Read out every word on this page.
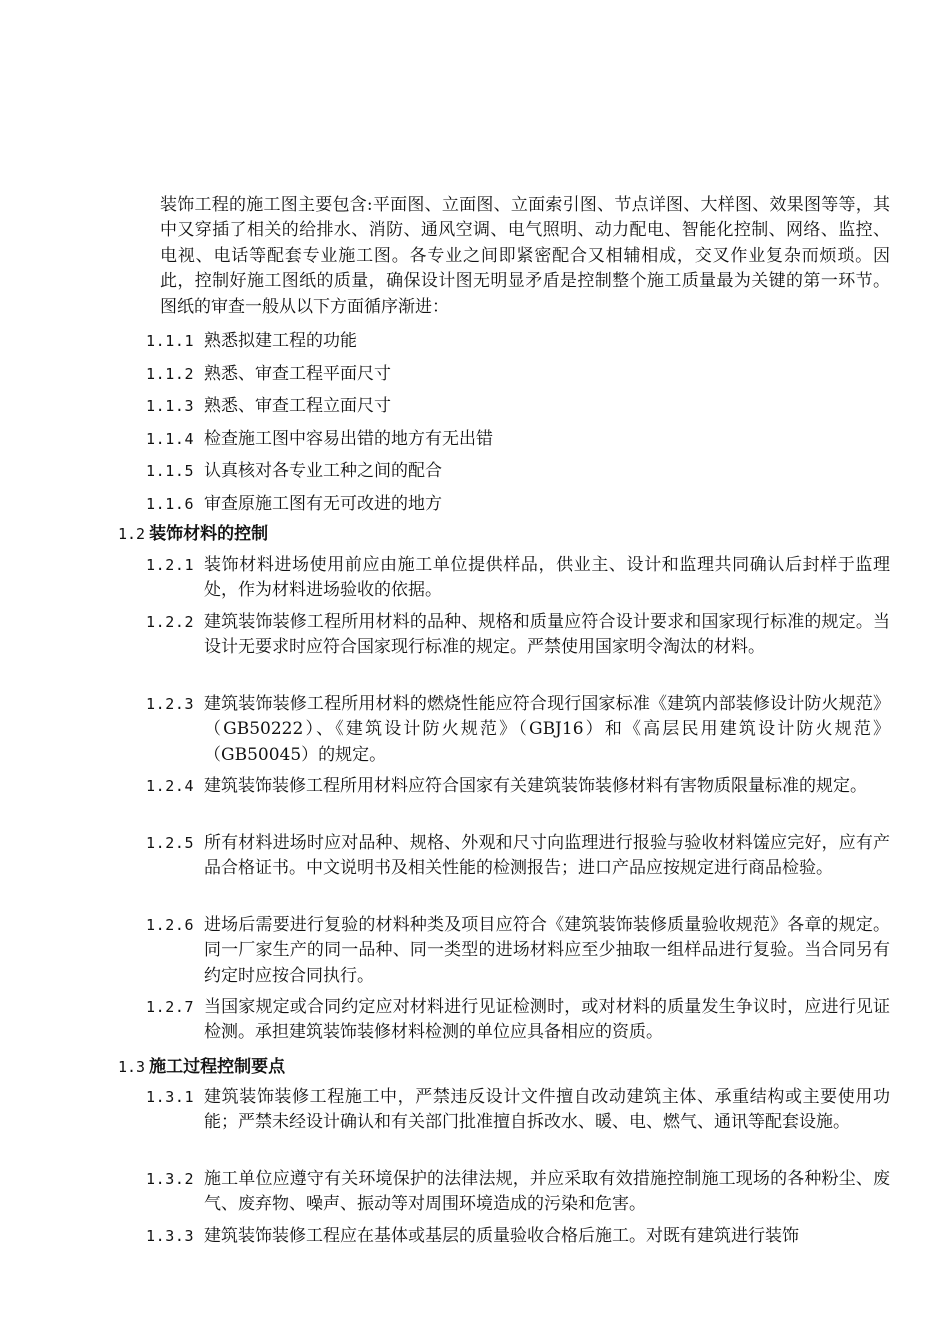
装饰工程的施工图主要包含:平面图、立面图、立面索引图、节点详图、大样图、效果图等等，其中又穿插了相关的给排水、消防、通风空调、电气照明、动力配电、智能化控制、网络、监控、电视、电话等配套专业施工图。各专业之间即紧密配合又相辅相成，交叉作业复杂而烦琐。因此，控制好施工图纸的质量，确保设计图无明显矛盾是控制整个施工质量最为关键的第一环节。图纸的审查一般从以下方面循序渐进：

1.1.1 熟悉拟建工程的功能
1.1.2 熟悉、审查工程平面尺寸
1.1.3 熟悉、审查工程立面尺寸
1.1.4 检查施工图中容易出错的地方有无出错
1.1.5 认真核对各专业工种之间的配合
1.1.6 审查原施工图有无可改进的地方
1.2 装饰材料的控制
1.2.1 装饰材料进场使用前应由施工单位提供样品，供业主、设计和监理共同确认后封样于监理处，作为材料进场验收的依据。
1.2.2 建筑装饰装修工程所用材料的品种、规格和质量应符合设计要求和国家现行标准的规定。当设计无要求时应符合国家现行标准的规定。严禁使用国家明令淘汰的材料。
1.2.3 建筑装饰装修工程所用材料的燃烧性能应符合现行国家标准《建筑内部装修设计防火规范》（GB50222）、《建筑设计防火规范》（GBJ16）和《高层民用建筑设计防火规范》（GB50045）的规定。
1.2.4 建筑装饰装修工程所用材料应符合国家有关建筑装饰装修材料有害物质限量标准的规定。
1.2.5 所有材料进场时应对品种、规格、外观和尺寸向监理进行报验与验收材料馐应完好，应有产品合格证书。中文说明书及相关性能的检测报告；进口产品应按规定进行商品检验。
1.2.6 进场后需要进行复验的材料种类及项目应符合《建筑装饰装修质量验收规范》各章的规定。同一厂家生产的同一品种、同一类型的进场材料应至少抽取一组样品进行复验。当合同另有约定时应按合同执行。
1.2.7 当国家规定或合同约定应对材料进行见证检测时，或对材料的质量发生争议时，应进行见证检测。承担建筑装饰装修材料检测的单位应具备相应的资质。
1.3 施工过程控制要点
1.3.1 建筑装饰装修工程施工中，严禁违反设计文件擅自改动建筑主体、承重结构或主要使用功能；严禁未经设计确认和有关部门批准擅自拆改水、暖、电、燃气、通讯等配套设施。
1.3.2 施工单位应遵守有关环境保护的法律法规，并应采取有效措施控制施工现场的各种粉尘、废气、废弃物、噪声、振动等对周围环境造成的污染和危害。
1.3.3 建筑装饰装修工程应在基体或基层的质量验收合格后施工。对既有建筑进行装饰
